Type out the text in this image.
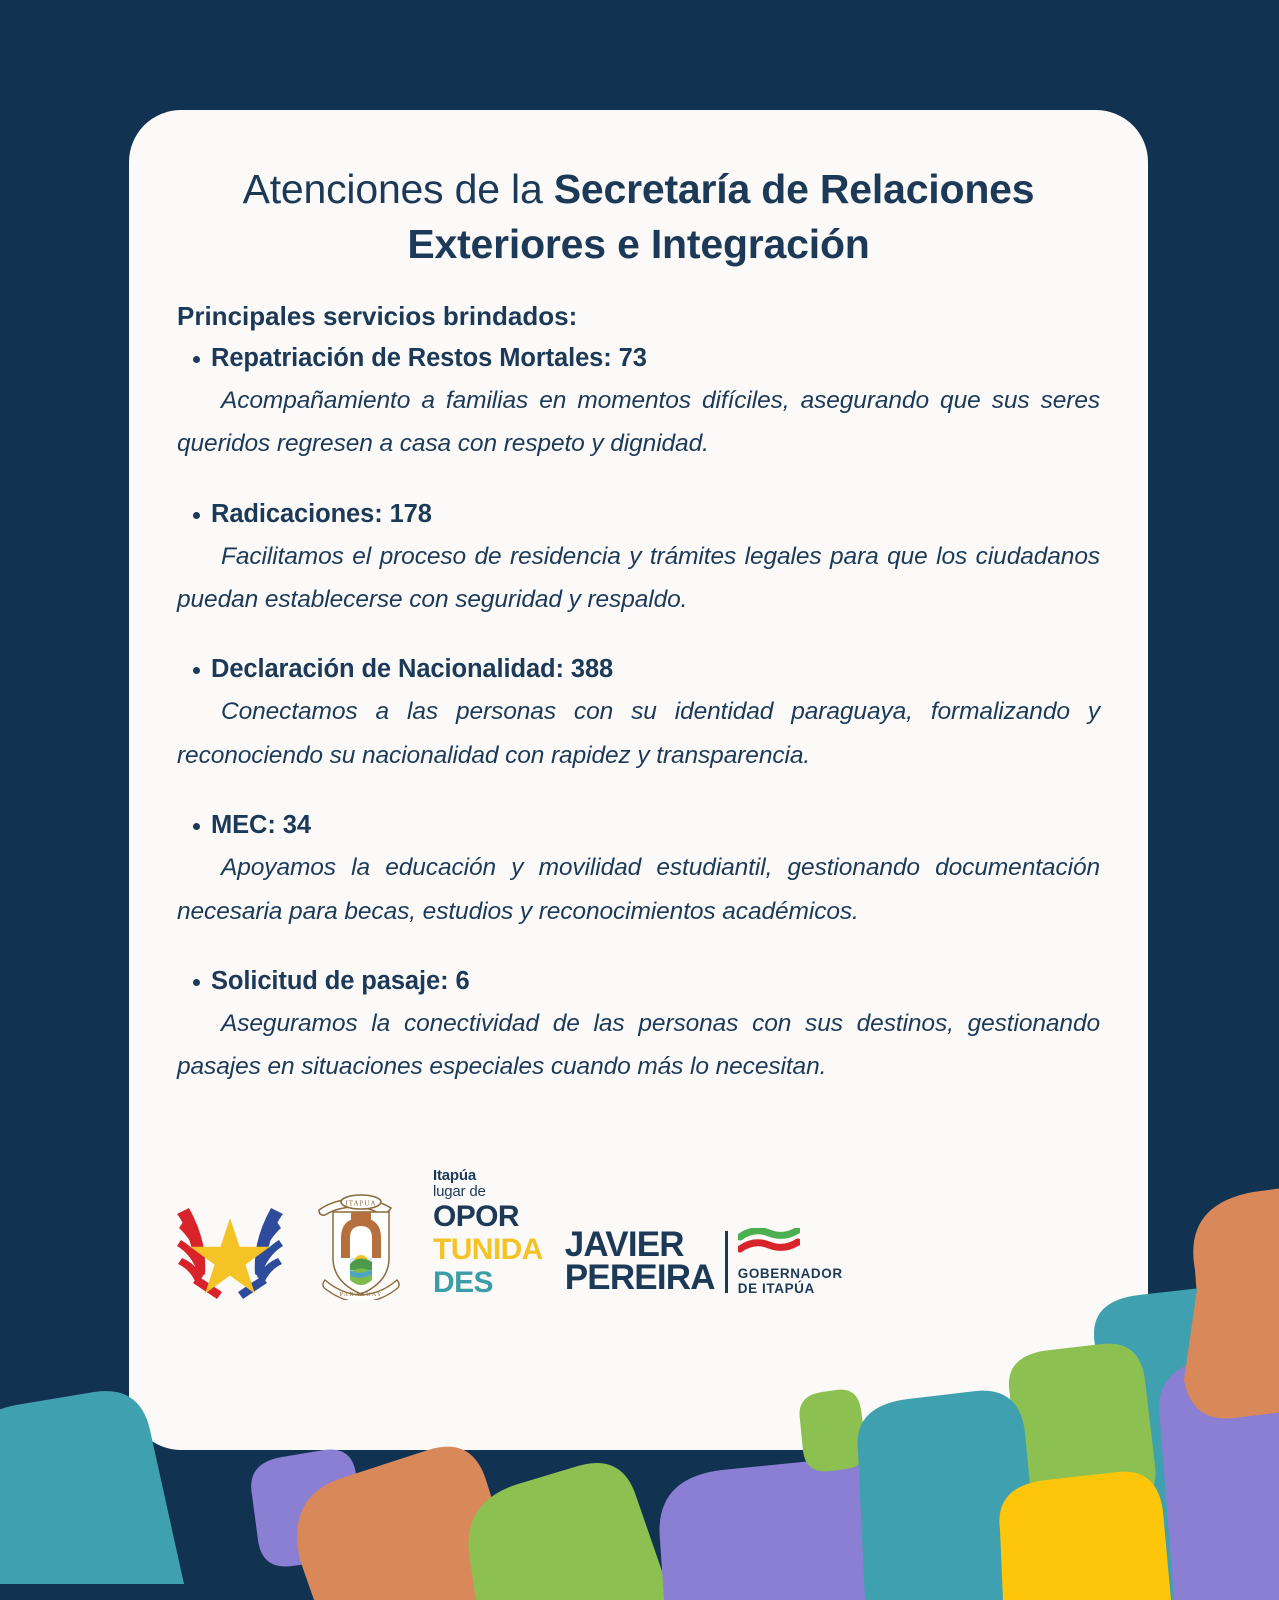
Atenciones de la Secretaría de Relaciones Exteriores e Integración
Principales servicios brindados:
Repatriación de Restos Mortales: 73
Acompañamiento a familias en momentos difíciles, asegurando que sus seres queridos regresen a casa con respeto y dignidad.
Radicaciones: 178
Facilitamos el proceso de residencia y trámites legales para que los ciudadanos puedan establecerse con seguridad y respaldo.
Declaración de Nacionalidad: 388
Conectamos a las personas con su identidad paraguaya, formalizando y reconociendo su nacionalidad con rapidez y transparencia.
MEC: 34
Apoyamos la educación y movilidad estudiantil, gestionando documentación necesaria para becas, estudios y reconocimientos académicos.
Solicitud de pasaje: 6
Aseguramos la conectividad de las personas con sus destinos, gestionando pasajes en situaciones especiales cuando más lo necesitan.
ITAPUA
PARAGUAY
Itapúa
lugar de
OPOR
TUNIDA
DES
JAVIER
PEREIRA GOBERNADOR
DE ITAPÚA
